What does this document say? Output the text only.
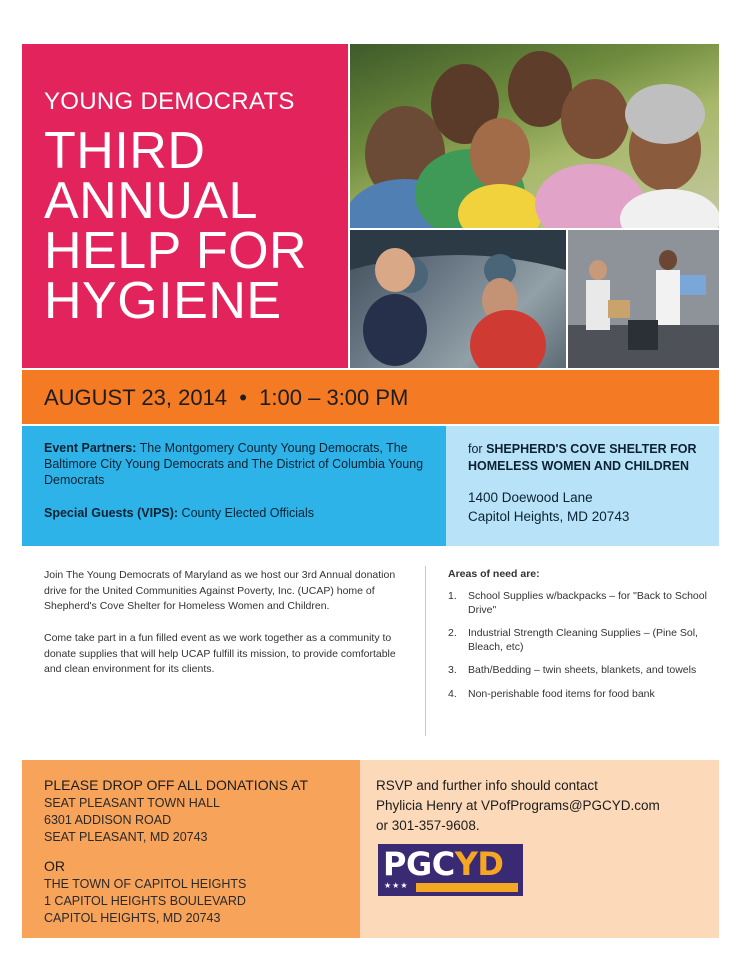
YOUNG DEMOCRATS
THIRD
ANNUAL
HELP FOR
HYGIENE
AUGUST 23, 2014  •  1:00 – 3:00 PM
Event Partners: The Montgomery County Young Democrats, The Baltimore City Young Democrats and The District of Columbia Young Democrats
Special Guests (VIPS): County Elected Officials
for SHEPHERD'S COVE SHELTER FOR HOMELESS WOMEN AND CHILDREN
1400 Doewood Lane
Capitol Heights, MD 20743
Join The Young Democrats of Maryland as we host our 3rd Annual donation drive for the United Communities Against Poverty, Inc. (UCAP) home of Shepherd's Cove Shelter for Homeless Women and Children.
Come take part in a fun filled event as we work together as a community to donate supplies that will help UCAP fulfill its mission, to provide comfortable and clean environment for its clients.
Areas of need are:
1.	School Supplies w/backpacks – for "Back to School Drive"
2.	Industrial Strength Cleaning Supplies – (Pine Sol, Bleach, etc)
3.	Bath/Bedding – twin sheets, blankets, and towels
4.	Non-perishable food items for food bank
PLEASE DROP OFF ALL DONATIONS AT
SEAT PLEASANT TOWN HALL
6301 ADDISON ROAD
SEAT PLEASANT, MD 20743
OR
THE TOWN OF CAPITOL HEIGHTS
1 CAPITOL HEIGHTS BOULEVARD
CAPITOL HEIGHTS, MD 20743
RSVP and further info should contact
Phylicia Henry at VPofPrograms@PGCYD.com
or 301-357-9608.
PGCYD
★★★
